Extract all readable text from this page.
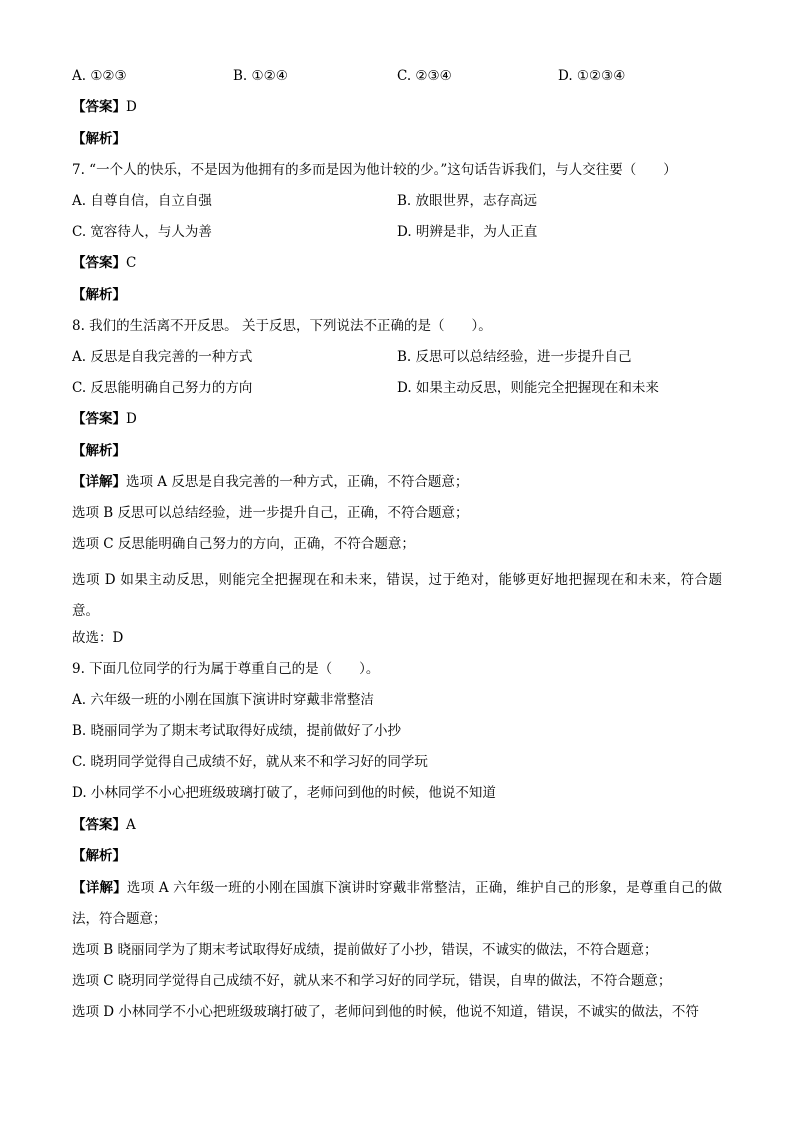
A. ①②③	B. ①②④	C. ②③④	D. ①②③④
【答案】D
【解析】
7. “一个人的快乐，不是因为他拥有的多而是因为他计较的少。”这句话告诉我们，与人交往要（　　）
A. 自尊自信，自立自强	B. 放眼世界，志存高远
C. 宽容待人，与人为善	D. 明辨是非，为人正直
【答案】C
【解析】
8. 我们的生活离不开反思。 关于反思，下列说法不正确的是（　　）。
A. 反思是自我完善的一种方式	B. 反思可以总结经验，进一步提升自己
C. 反思能明确自己努力的方向	D. 如果主动反思，则能完全把握现在和未来
【答案】D
【解析】
【详解】选项 A 反思是自我完善的一种方式，正确，不符合题意；
选项 B 反思可以总结经验，进一步提升自己，正确，不符合题意；
选项 C 反思能明确自己努力的方向，正确，不符合题意；
选项 D 如果主动反思，则能完全把握现在和未来，错误，过于绝对，能够更好地把握现在和未来，符合题意。
故选：D
9. 下面几位同学的行为属于尊重自己的是（　　）。
A. 六年级一班的小刚在国旗下演讲时穿戴非常整洁
B. 晓丽同学为了期末考试取得好成绩，提前做好了小抄
C. 晓玥同学觉得自己成绩不好，就从来不和学习好的同学玩
D. 小林同学不小心把班级玻璃打破了，老师问到他的时候，他说不知道
【答案】A
【解析】
【详解】选项 A 六年级一班的小刚在国旗下演讲时穿戴非常整洁，正确，维护自己的形象，是尊重自己的做法，符合题意；
选项 B 晓丽同学为了期末考试取得好成绩，提前做好了小抄，错误，不诚实的做法，不符合题意；
选项 C 晓玥同学觉得自己成绩不好，就从来不和学习好的同学玩，错误，自卑的做法，不符合题意；
选项 D 小林同学不小心把班级玻璃打破了，老师问到他的时候，他说不知道，错误，不诚实的做法，不符
